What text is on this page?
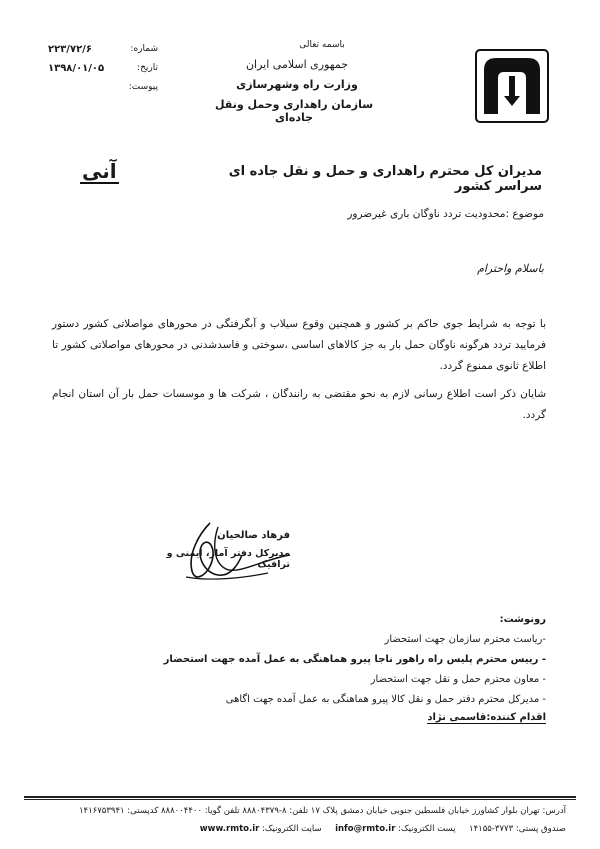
باسمه تعالی
جمهوری اسلامی ایران
وزارت راه وشهرسازی
سازمان راهداری وحمل ونقل جاده‌ای
شماره:
۲۲۳/۷۲/۶
تاریخ:
۱۳۹۸/۰۱/۰۵
پیوست:
آنی	مدیران کل محترم راهداری و حمل و نقل جاده ای سراسر کشور
موضوع :محدودیت تردد ناوگان باری غیرضرور
باسلام واحترام
با توجه به شرایط جوی حاکم بر کشور و همچنین وقوع سیلاب و آبگرفتگی در محورهای مواصلاتی کشور دستور فرمایید تردد هرگونه ناوگان حمل بار به جز کالاهای اساسی ،سوختی و فاسدشدنی در محورهای مواصلاتی کشور تا اطلاع ثانوی ممنوع گردد.
شایان ذکر است اطلاع رسانی لازم به نحو مقتضی به رانندگان ، شرکت ها و موسسات حمل بار آن استان انجام گردد.
فرهاد صالحیان
مدیرکل دفتر آمار، ایمنی و ترافیک
رونوشت:
-ریاست محترم سازمان جهت استحضار
- رییس محترم پلیس راه راهور ناجا پیرو هماهنگی به عمل آمده جهت استحضار
- معاون محترم حمل و نقل جهت استحضار
- مدیرکل محترم دفتر حمل و نقل کالا پیرو هماهنگی به عمل آمده جهت اگاهی
اقدام کننده:قاسمی نژاد
آدرس: تهران بلوار کشاورز خیابان فلسطین جنوبی خیابان دمشق پلاک ۱۷ تلفن: ۸-۸۸۸۰۴۳۷۹ تلفن گویا: ۸۸۸۰۰۴۴۰۰ کدپستی: ۱۴۱۶۷۵۳۹۴۱
صندوق پستی: ۳۷۷۳-۱۴۱۵۵     پست الکترونیک: info@rmto.ir     سایت الکترونیک: www.rmto.ir
